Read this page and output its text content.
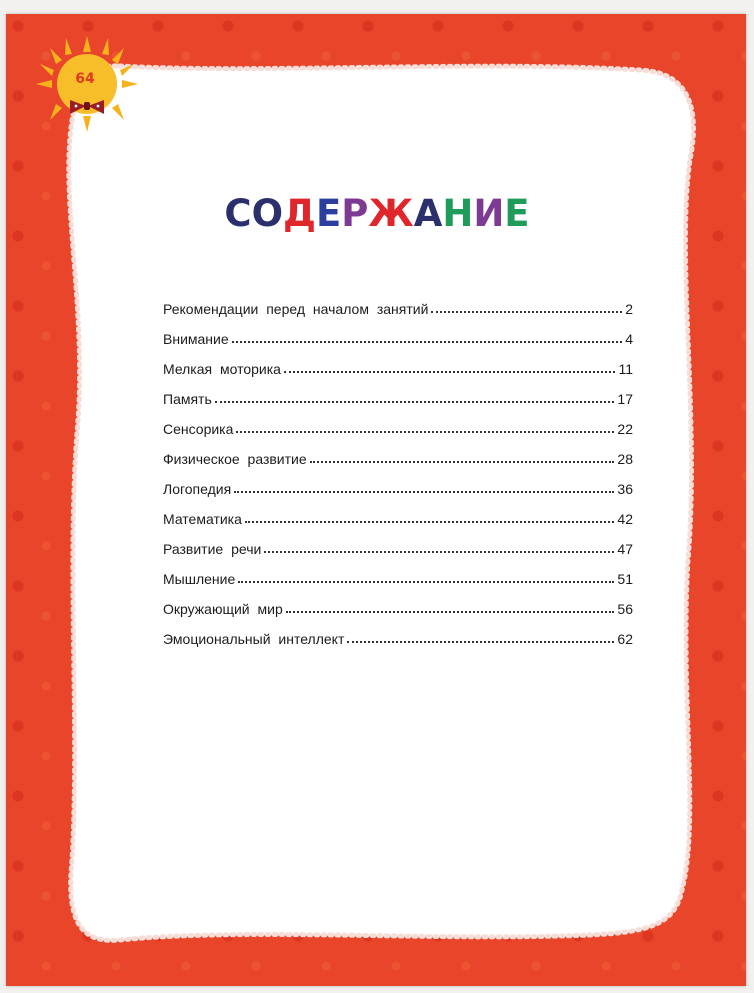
64
СОДЕРЖАНИЕ
Рекомендации перед началом занятий	2
Внимание	4
Мелкая моторика	11
Память	17
Сенсорика	22
Физическое развитие	28
Логопедия	36
Математика	42
Развитие речи	47
Мышление	51
Окружающий мир	56
Эмоциональный интеллект	62
